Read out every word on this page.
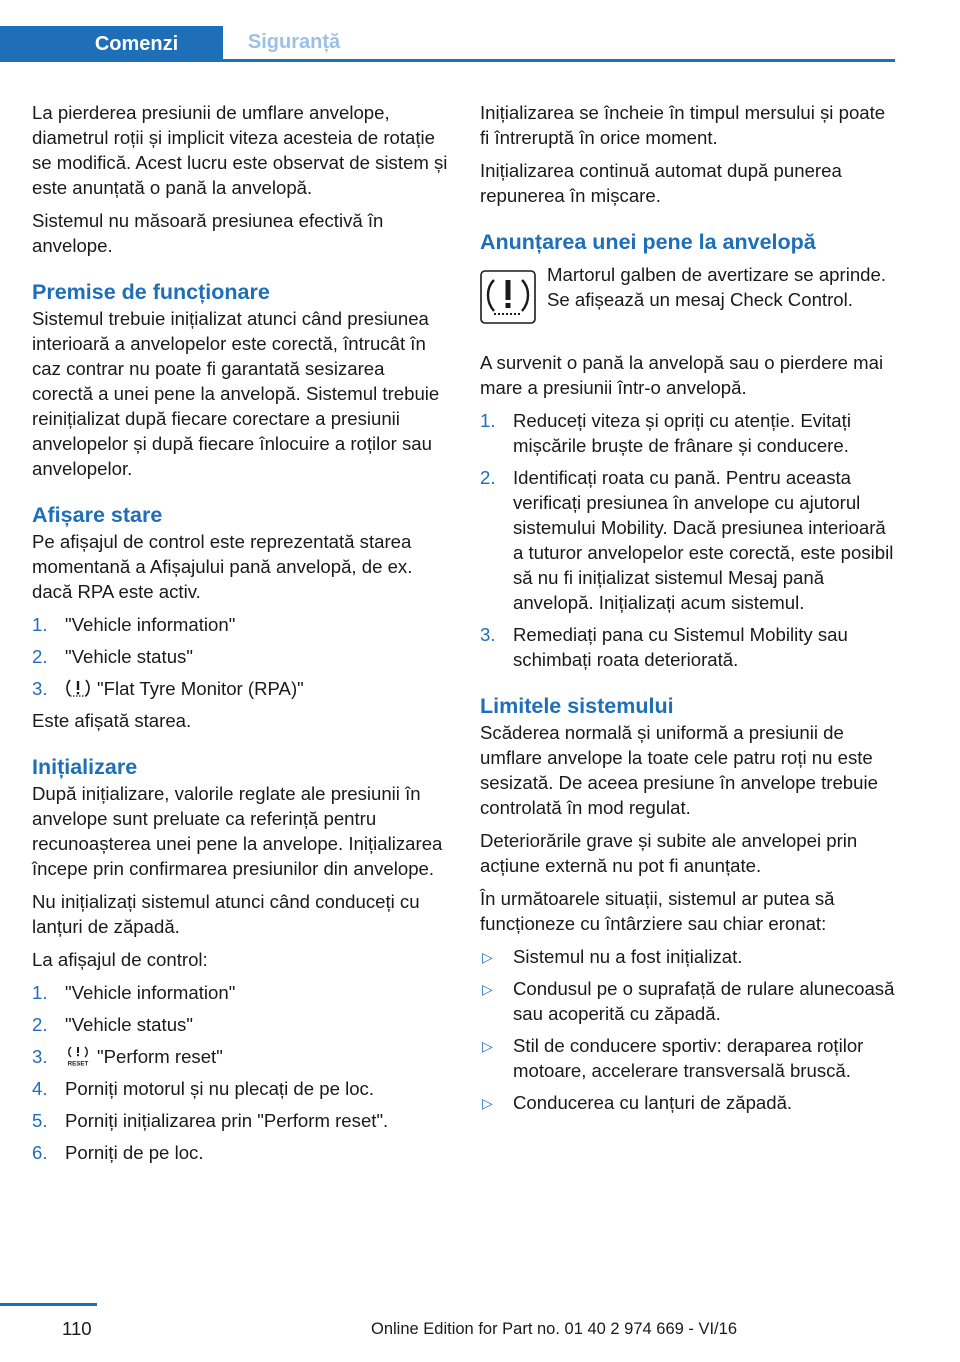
Comenzi	Siguranță

La pierderea presiunii de umflare anvelope, diametrul roții și implicit viteza acesteia de rotație se modifică. Acest lucru este observat de sistem și este anunțată o pană la anvelopă.

Sistemul nu măsoară presiunea efectivă în anvelope.

Premise de funcționare

Sistemul trebuie inițializat atunci când presiunea interioară a anvelopelor este corectă, întrucât în caz contrar nu poate fi garantată sesizarea corectă a unei pene la anvelopă. Sistemul trebuie reinițializat după fiecare corectare a presiunii anvelopelor și după fiecare înlocuire a roților sau anvelopelor.

Afișare stare

Pe afișajul de control este reprezentată starea momentană a Afișajului pană anvelopă, de ex. dacă RPA este activ.

1. "Vehicle information"
2. "Vehicle status"
3.	"Flat Tyre Monitor (RPA)"

Este afișată starea.

Inițializare

După inițializare, valorile reglate ale presiunii în anvelope sunt preluate ca referință pentru recunoașterea unei pene la anvelope. Inițializarea începe prin confirmarea presiunilor din anvelope.

Nu inițializați sistemul atunci când conduceți cu lanțuri de zăpadă.

La afișajul de control:

1. "Vehicle information"
2. "Vehicle status"
3.	RESET "Perform reset"
4. Porniți motorul și nu plecați de pe loc.
5. Porniți inițializarea prin "Perform reset".
6. Porniți de pe loc.

Inițializarea se încheie în timpul mersului și poate fi întreruptă în orice moment.

Inițializarea continuă automat după punerea repunerea în mișcare.

Anunțarea unei pene la anvelopă
Martorul galben de avertizare se aprinde. Se afișează un mesaj Check Control.

A survenit o pană la anvelopă sau o pierdere mai mare a presiunii într-o anvelopă.

1. Reduceți viteza și opriți cu atenție. Evitați mișcările bruște de frânare și conducere.
2. Identificați roata cu pană. Pentru aceasta verificați presiunea în anvelope cu ajutorul sistemului Mobility. Dacă presiunea interioară a tuturor anvelopelor este corectă, este posibil să nu fi inițializat sistemul Mesaj pană anvelopă. Inițializați acum sistemul.
3. Remediați pana cu Sistemul Mobility sau schimbați roata deteriorată.
Limitele sistemului

Scăderea normală și uniformă a presiunii de umflare anvelope la toate cele patru roți nu este sesizată. De aceea presiune în anvelope trebuie controlată în mod regulat.

Deteriorările grave și subite ale anvelopei prin acțiune externă nu pot fi anunțate.

În următoarele situații, sistemul ar putea să funcționeze cu întârziere sau chiar eronat:

▷ Sistemul nu a fost inițializat.
▷ Condusul pe o suprafață de rulare alunecoasă sau acoperită cu zăpadă.
▷ Stil de conducere sportiv: deraparea roților motoare, accelerare transversală bruscă.
▷ Conducerea cu lanțuri de zăpadă.
110	Online Edition for Part no. 01 40 2 974 669 - VI/16
